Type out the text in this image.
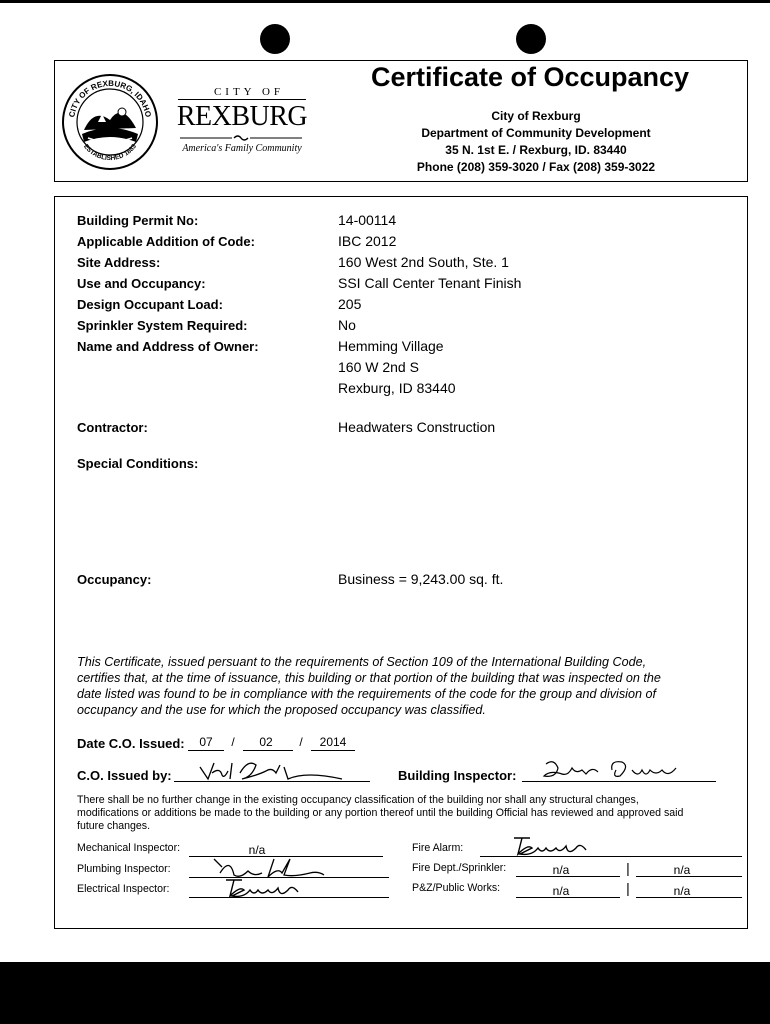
CITY OF REXBURG, IDAHO
ESTABLISHED 1883
CITY OF
REXBURG
America's Family Community
Certificate of Occupancy
City of Rexburg
Department of Community Development
35 N. 1st E. / Rexburg, ID. 83440
Phone (208) 359-3020 / Fax (208) 359-3022
Building Permit No:	14-00114
Applicable Addition of Code:	IBC 2012
Site Address:	160 West 2nd South, Ste. 1
Use and Occupancy:	SSI Call Center Tenant Finish
Design Occupant Load:	205
Sprinkler System Required:	No
Name and Address of Owner:	Hemming Village
160 W 2nd S
Rexburg, ID 83440
Contractor:	Headwaters Construction
Special Conditions:
Occupancy:	Business = 9,243.00 sq. ft.
This Certificate, issued persuant to the requirements of Section 109 of the International Building Code, certifies that, at the time of issuance, this building or that portion of the building that was inspected on the date listed was found to be in compliance with the requirements of the code for the group and division of occupancy and the use for which the proposed occupancy was classified.
Date C.O. Issued:	07	/	02	/	2014
C.O. Issued by:	Building Inspector:
There shall be no further change in the existing occupancy classification of the building nor shall any structural changes, modifications or additions be made to the building or any portion thereof until the building Official has reviewed and approved said future changes.
Mechanical Inspector:	n/a
Plumbing Inspector:
Electrical Inspector:
Fire Alarm:
Fire Dept./Sprinkler:	n/a	|	n/a
P&Z/Public Works:	n/a	|	n/a
